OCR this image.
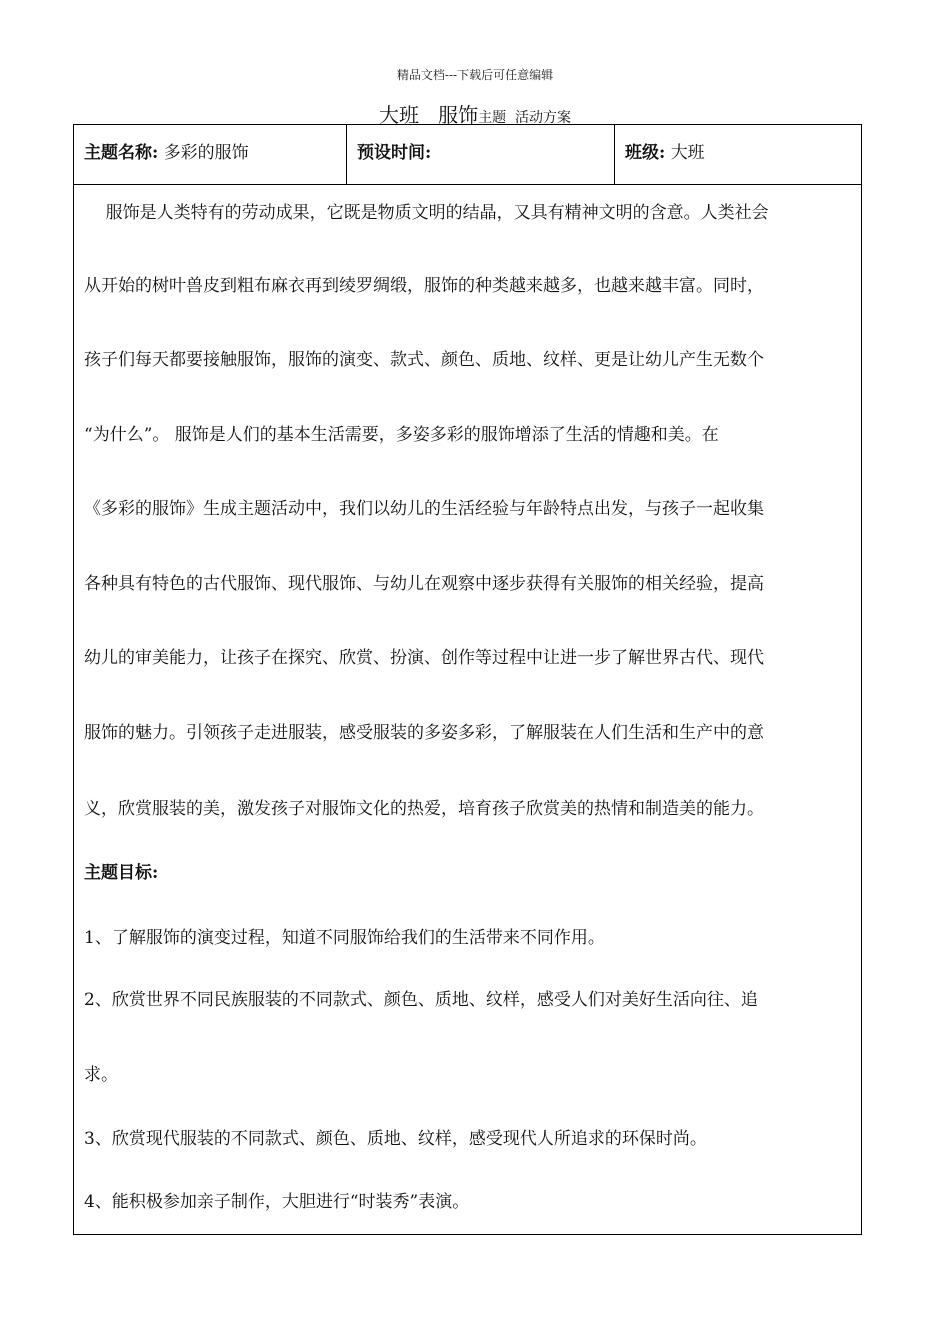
精品文档---下载后可任意编辑
大班   服饰主题  活动方案
主题名称: 多彩的服饰	预设时间:	班级: 大班
服饰是人类特有的劳动成果，它既是物质文明的结晶，又具有精神文明的含意。人类社会
从开始的树叶兽皮到粗布麻衣再到绫罗绸缎，服饰的种类越来越多，也越来越丰富。同时，
孩子们每天都要接触服饰，服饰的演变、款式、颜色、质地、纹样、更是让幼儿产生无数个
“为什么”。 服饰是人们的基本生活需要，多姿多彩的服饰增添了生活的情趣和美。在
《多彩的服饰》生成主题活动中，我们以幼儿的生活经验与年龄特点出发，与孩子一起收集
各种具有特色的古代服饰、现代服饰、与幼儿在观察中逐步获得有关服饰的相关经验，提高
幼儿的审美能力，让孩子在探究、欣赏、扮演、创作等过程中让进一步了解世界古代、现代
服饰的魅力。引领孩子走进服装，感受服装的多姿多彩，了解服装在人们生活和生产中的意
义，欣赏服装的美，激发孩子对服饰文化的热爱，培育孩子欣赏美的热情和制造美的能力。
主题目标:
1、了解服饰的演变过程，知道不同服饰给我们的生活带来不同作用。
2、欣赏世界不同民族服装的不同款式、颜色、质地、纹样，感受人们对美好生活向往、追
求。
3、欣赏现代服装的不同款式、颜色、质地、纹样，感受现代人所追求的环保时尚。
4、能积极参加亲子制作，大胆进行“时装秀”表演。
